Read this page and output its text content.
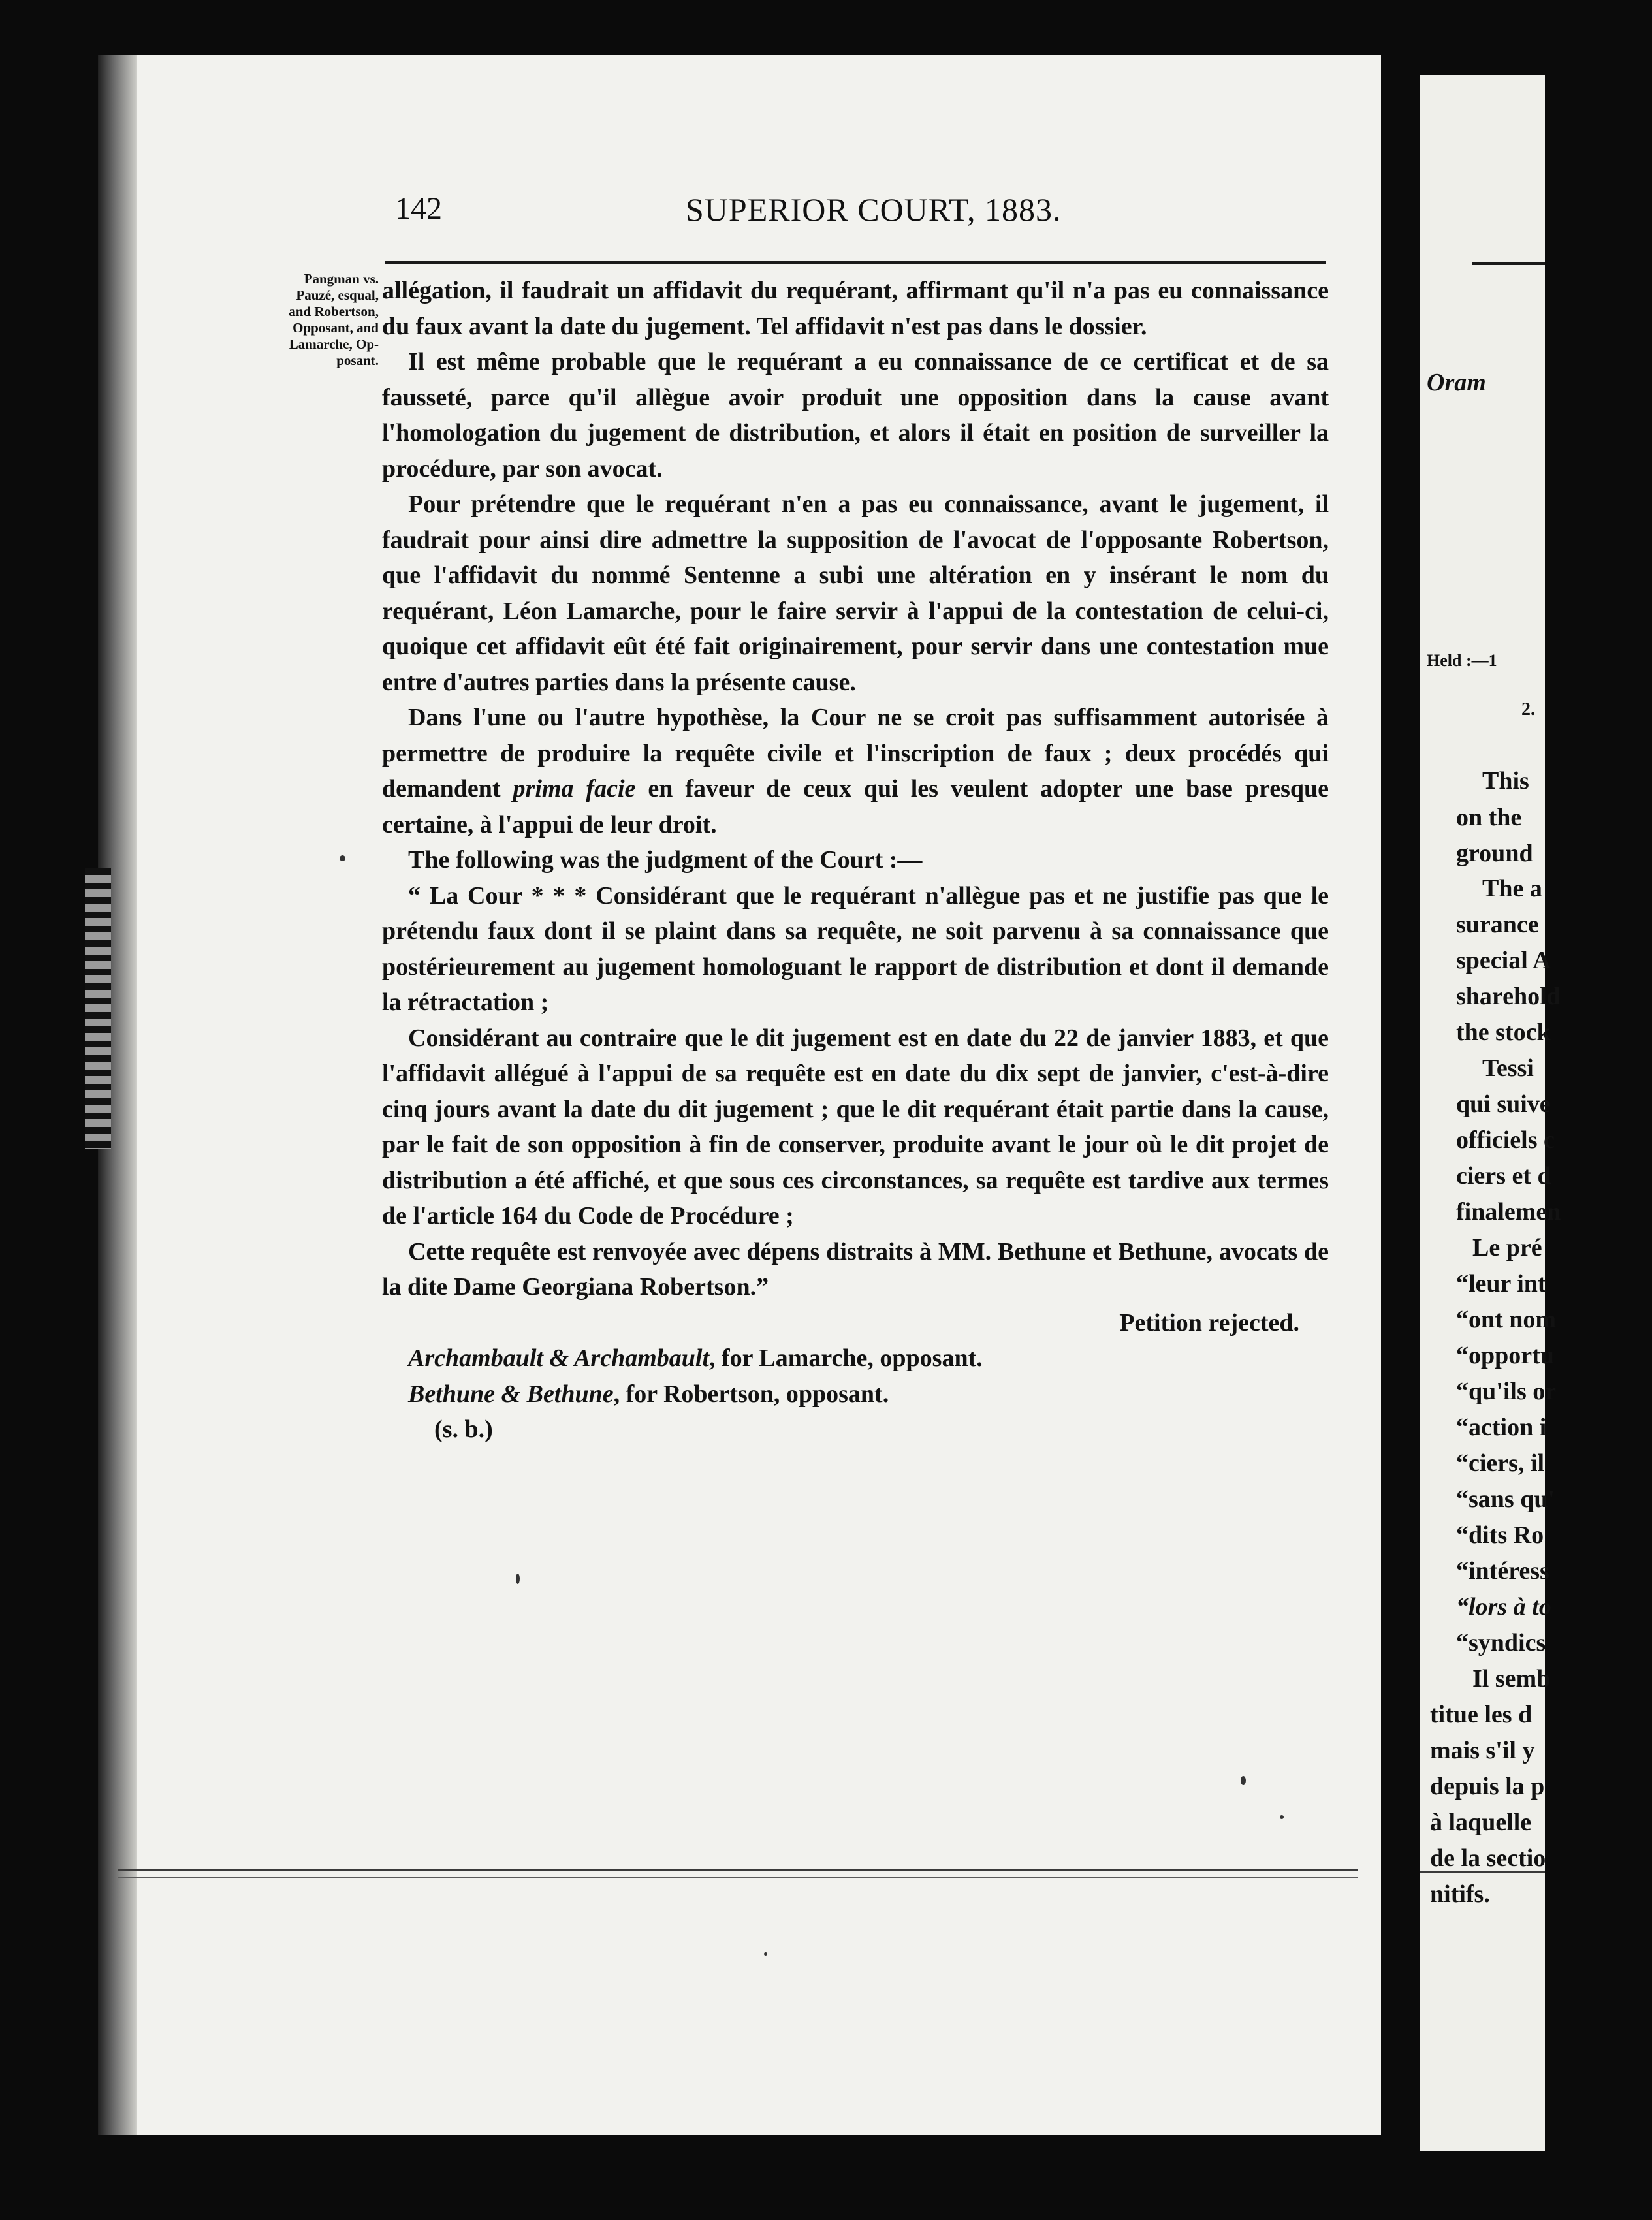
142	SUPERIOR COURT, 1883.
Pangman vs.
Pauzé, esqual,
and Robertson,
Opposant, and
Lamarche, Op-
posant.

allégation, il faudrait un affidavit du requérant, affirmant qu'il n'a pas eu connaissance du faux avant la date du jugement. Tel affidavit n'est pas dans le dossier.

Il est même probable que le requérant a eu connaissance de ce certificat et de sa fausseté, parce qu'il allègue avoir produit une opposition dans la cause avant l'homologation du jugement de distribution, et alors il était en position de surveiller la procédure, par son avocat.

Pour prétendre que le requérant n'en a pas eu connaissance, avant le jugement, il faudrait pour ainsi dire admettre la supposition de l'avocat de l'opposante Robertson, que l'affidavit du nommé Sentenne a subi une altération en y insérant le nom du requérant, Léon Lamarche, pour le faire servir à l'appui de la contestation de celui-ci, quoique cet affidavit eût été fait originairement, pour servir dans une contestation mue entre d'autres parties dans la présente cause.

Dans l'une ou l'autre hypothèse, la Cour ne se croit pas suffisamment autorisée à permettre de produire la requête civile et l'inscription de faux ; deux procédés qui demandent prima facie en faveur de ceux qui les veulent adopter une base presque certaine, à l'appui de leur droit.

The following was the judgment of the Court :—

“ La Cour * * * Considérant que le requérant n'allègue pas et ne justifie pas que le prétendu faux dont il se plaint dans sa requête, ne soit parvenu à sa connaissance que postérieurement au jugement homologuant le rapport de distribution et dont il demande la rétractation ;

Considérant au contraire que le dit jugement est en date du 22 de janvier 1883, et que l'affidavit allégué à l'appui de sa requête est en date du dix sept de janvier, c'est-à-dire cinq jours avant la date du dit jugement ; que le dit requérant était partie dans la cause, par le fait de son opposition à fin de conserver, produite avant le jour où le dit projet de distribution a été affiché, et que sous ces circonstances, sa requête est tardive aux termes de l'article 164 du Code de Procédure ;

Cette requête est renvoyée avec dépens distraits à MM. Bethune et Bethune, avocats de la dite Dame Georgiana Robertson.”

Petition rejected.

Archambault & Archambault, for Lamarche, opposant.

Bethune & Bethune, for Robertson, opposant.

(s. b.)

Oram
Held :—1
2.
This
on the
ground
The a
surance
special A
sharehold
the stock
Tessi
qui suive
officiels c
ciers et d
finalemen
Le pré
“leur int
“ont nom
“opportu
“qu'ils or
“action i
“ciers, il
“sans qu'
“dits Ro
“intéress
“lors à to
“syndics
Il semb
titue les d
mais s'il y
depuis la p
à laquelle
de la sectio
nitifs.
